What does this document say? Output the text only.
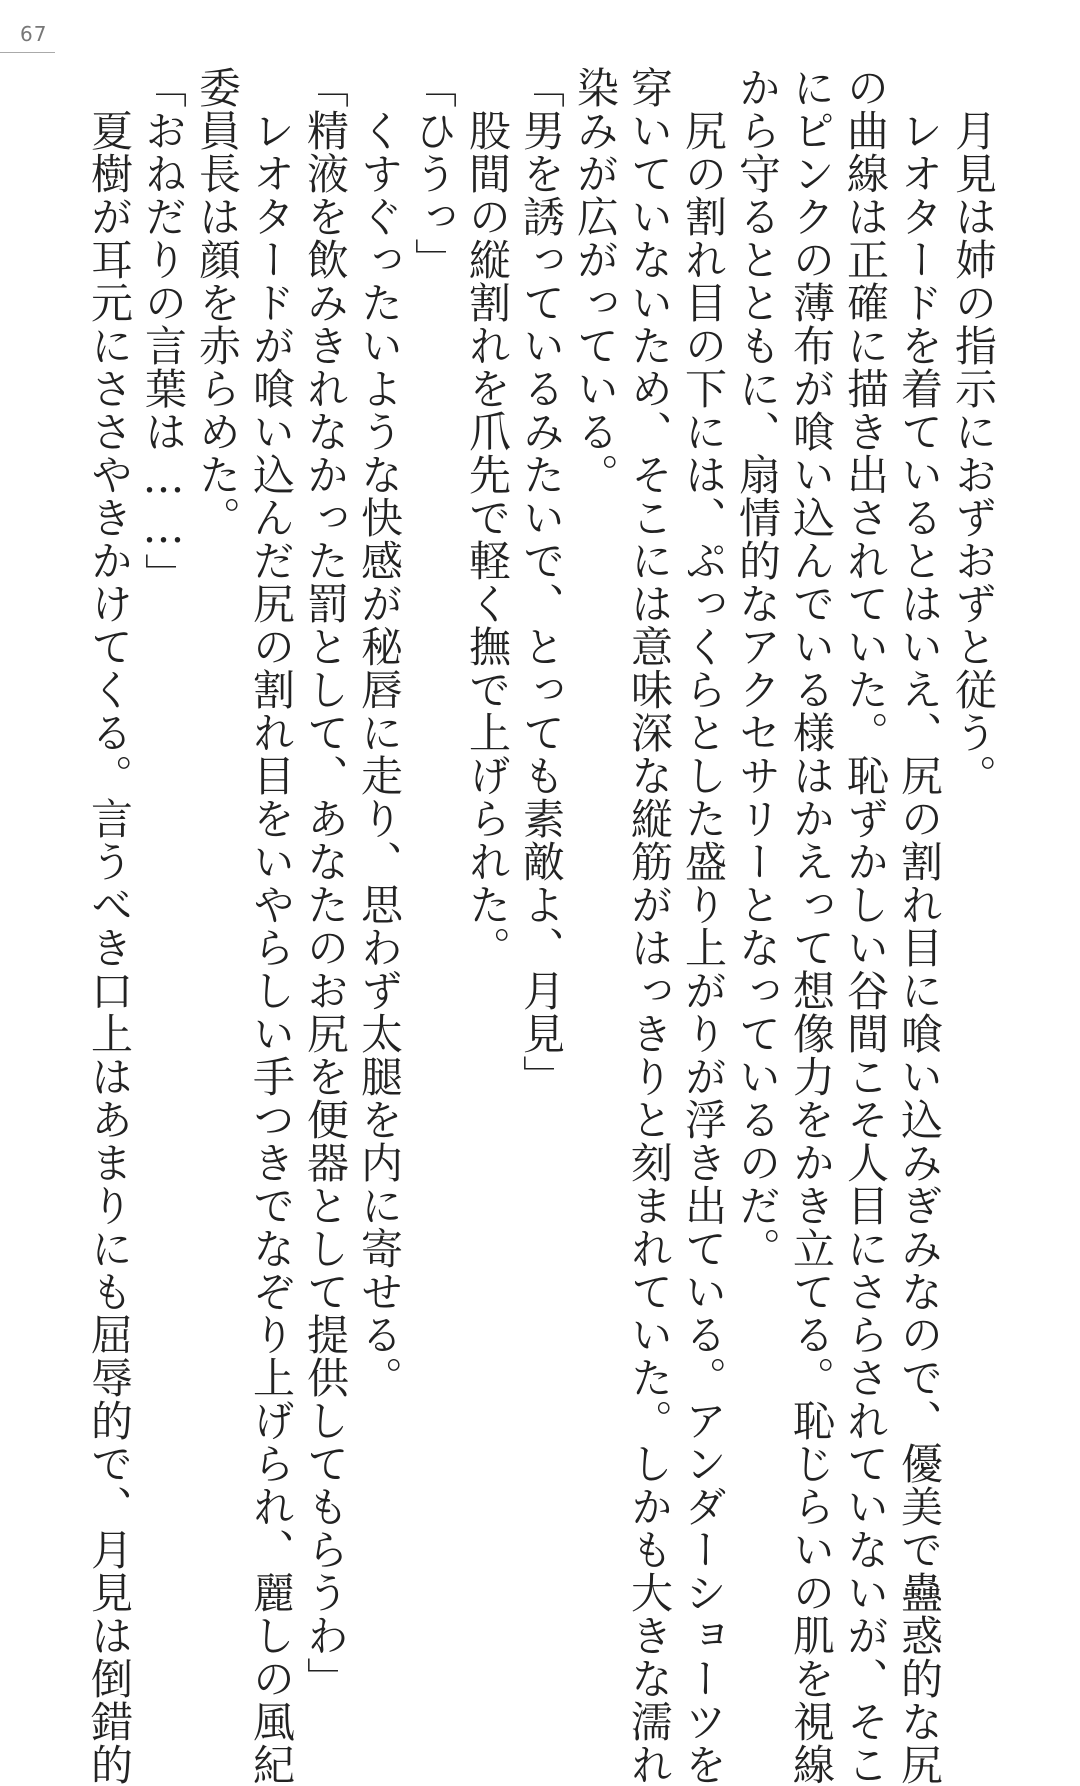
67

　月見は姉の指示におずおずと従う。

　レオタードを着ているとはいえ、尻の割れ目に喰い込みぎみなので、優美で蠱惑的な尻

の曲線は正確に描き出されていた。恥ずかしい谷間こそ人目にさらされていないが、そこ

にピンクの薄布が喰い込んでいる様はかえって想像力をかき立てる。恥じらいの肌を視線

から守るとともに、扇情的なアクセサリーとなっているのだ。

　尻の割れ目の下には、ぷっくらとした盛り上がりが浮き出ている。アンダーショーツを

穿いていないため、そこには意味深な縦筋がはっきりと刻まれていた。しかも大きな濡れ

染みが広がっている。

「男を誘っているみたいで、とっても素敵よ、月見」

　股間の縦割れを爪先で軽く撫で上げられた。

「ひうっ」

　くすぐったいような快感が秘唇に走り、思わず太腿を内に寄せる。

「精液を飲みきれなかった罰として、あなたのお尻を便器として提供してもらうわ」

　レオタードが喰い込んだ尻の割れ目をいやらしい手つきでなぞり上げられ、麗しの風紀

委員長は顔を赤らめた。

「おねだりの言葉は……」

　夏樹が耳元にささやきかけてくる。言うべき口上はあまりにも屈辱的で、月見は倒錯的
